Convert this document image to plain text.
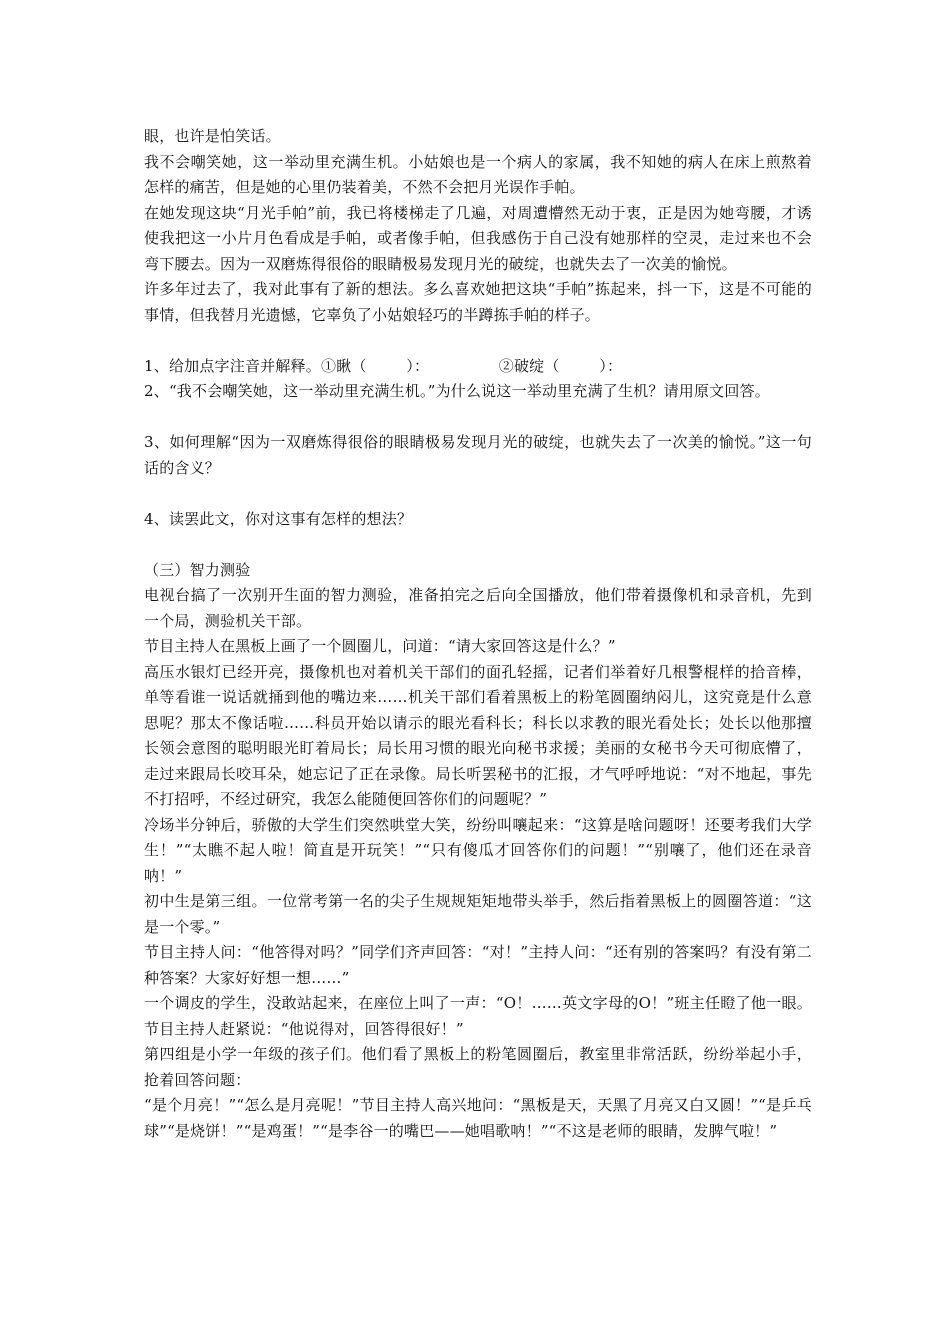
眼，也许是怕笑话。

我不会嘲笑她，这一举动里充满生机。小姑娘也是一个病人的家属，我不知她的病人在床上煎熬着怎样的痛苦，但是她的心里仍装着美，不然不会把月光误作手帕。

在她发现这块“月光手帕”前，我已将楼梯走了几遍，对周遭懵然无动于衷，正是因为她弯腰，才诱使我把这一小片月色看成是手帕，或者像手帕，但我感伤于自己没有她那样的空灵，走过来也不会弯下腰去。因为一双磨炼得很俗的眼睛极易发现月光的破绽，也就失去了一次美的愉悦。

许多年过去了，我对此事有了新的想法。多么喜欢她把这块“手帕”拣起来，抖一下，这是不可能的事情，但我替月光遗憾，它辜负了小姑娘轻巧的半蹲拣手帕的样子。

1、给加点字注音并解释。①瞅（        ）：              ②破绽（        ）：

2、“我不会嘲笑她，这一举动里充满生机。”为什么说这一举动里充满了生机？请用原文回答。

3、如何理解“因为一双磨炼得很俗的眼睛极易发现月光的破绽，也就失去了一次美的愉悦。”这一句话的含义？

4、读罢此文，你对这事有怎样的想法？

（三）智力测验

电视台搞了一次别开生面的智力测验，准备拍完之后向全国播放，他们带着摄像机和录音机，先到一个局，测验机关干部。

节目主持人在黑板上画了一个圆圈儿，问道：“请大家回答这是什么？”

高压水银灯已经开亮，摄像机也对着机关干部们的面孔轻摇，记者们举着好几根警棍样的拾音棒，单等看谁一说话就捅到他的嘴边来……机关干部们看着黑板上的粉笔圆圈纳闷儿，这究竟是什么意思呢？那太不像话啦……科员开始以请示的眼光看科长；科长以求教的眼光看处长；处长以他那擅长领会意图的聪明眼光盯着局长；局长用习惯的眼光向秘书求援；美丽的女秘书今天可彻底懵了，走过来跟局长咬耳朵，她忘记了正在录像。局长听罢秘书的汇报，才气呼呼地说：“对不地起，事先不打招呼，不经过研究，我怎么能随便回答你们的问题呢？”

冷场半分钟后，骄傲的大学生们突然哄堂大笑，纷纷叫嚷起来：“这算是啥问题呀！还要考我们大学生！”“太瞧不起人啦！简直是开玩笑！”“只有傻瓜才回答你们的问题！”“别嚷了，他们还在录音呐！”

初中生是第三组。一位常考第一名的尖子生规规矩矩地带头举手，然后指着黑板上的圆圈答道：“这是一个零。”

节目主持人问：“他答得对吗？”同学们齐声回答：“对！”主持人问：“还有别的答案吗？有没有第二种答案？大家好好想一想……”

一个调皮的学生，没敢站起来，在座位上叫了一声：“O！……英文字母的O！”班主任瞪了他一眼。节目主持人赶紧说：“他说得对，回答得很好！”

第四组是小学一年级的孩子们。他们看了黑板上的粉笔圆圈后，教室里非常活跃，纷纷举起小手，抢着回答问题：

“是个月亮！”“怎么是月亮呢！”节目主持人高兴地问：“黑板是天，天黑了月亮又白又圆！”“是乒乓球”“是烧饼！”“是鸡蛋！”“是李谷一的嘴巴——她唱歌呐！”“不这是老师的眼睛，发脾气啦！”
